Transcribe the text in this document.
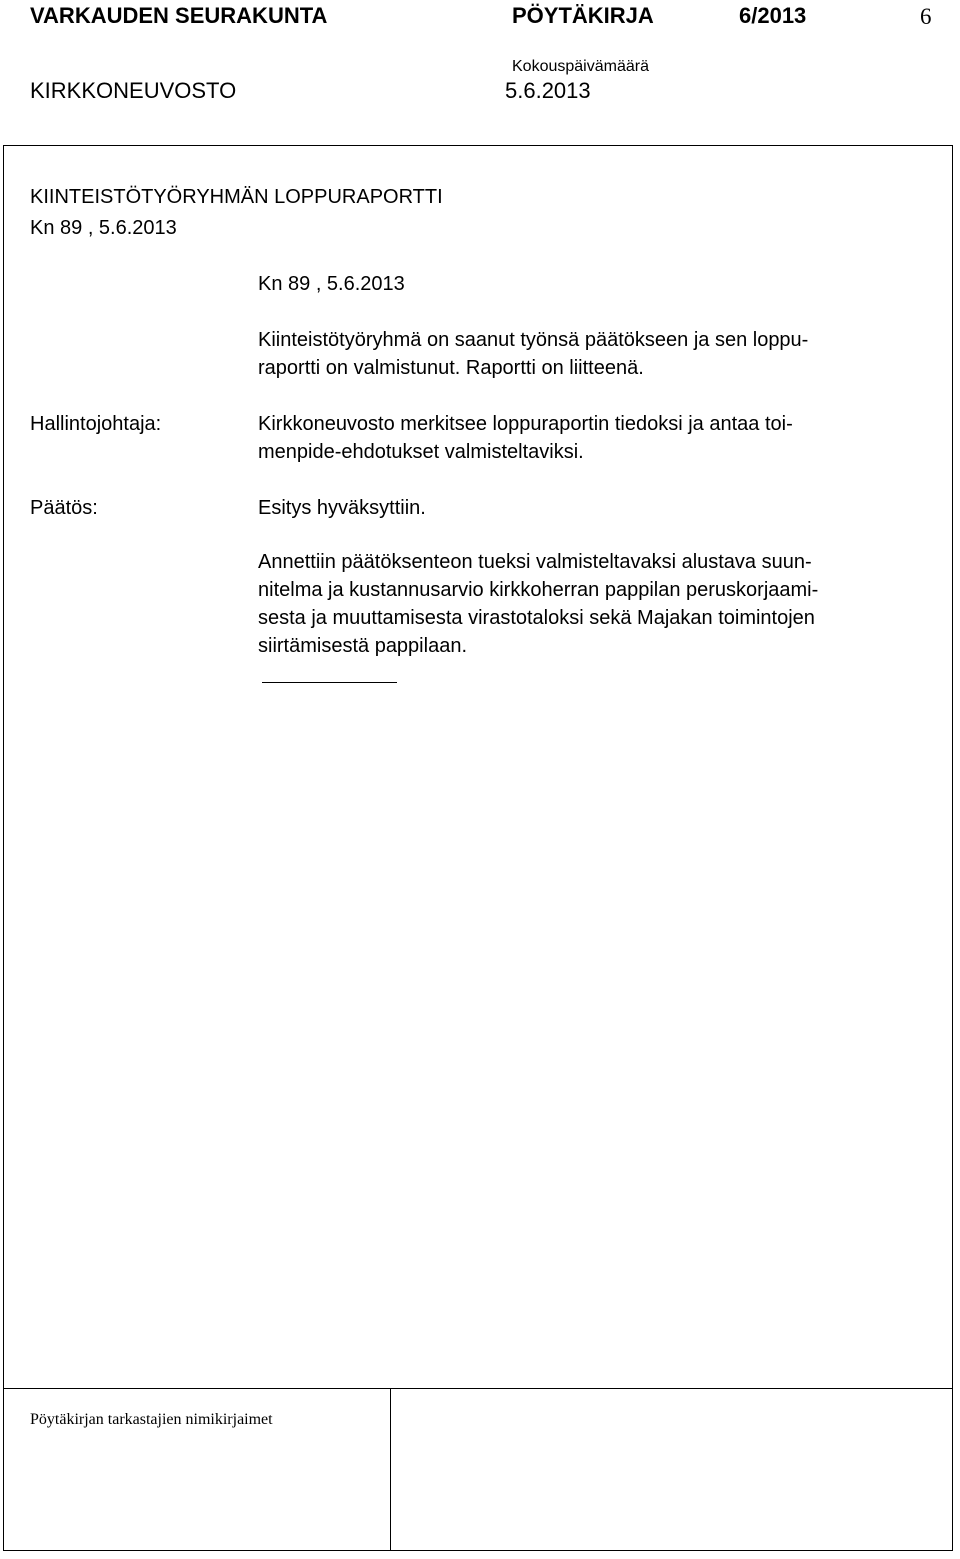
VARKAUDEN SEURAKUNTA	PÖYTÄKIRJA	6/2013	6
KIRKKONEUVOSTO
Kokouspäivämäärä
5.6.2013
Pöytäkirjan tarkastajien nimikirjaimet
KIINTEISTÖTYÖRYHMÄN LOPPURAPORTTI
Kn 89 , 5.6.2013
Kn 89 , 5.6.2013
Kiinteistötyöryhmä on saanut työnsä päätökseen ja sen loppu-
raportti on valmistunut. Raportti on liitteenä.
Hallintojohtaja:	Kirkkoneuvosto merkitsee loppuraportin tiedoksi ja antaa toi-
menpide-ehdotukset valmisteltaviksi.
Päätös:	Esitys hyväksyttiin.
Annettiin päätöksenteon tueksi valmisteltavaksi alustava suun-
nitelma ja kustannusarvio kirkkoherran pappilan peruskorjaami-
sesta ja muuttamisesta virastotaloksi sekä Majakan toimintojen
siirtämisestä pappilaan.
